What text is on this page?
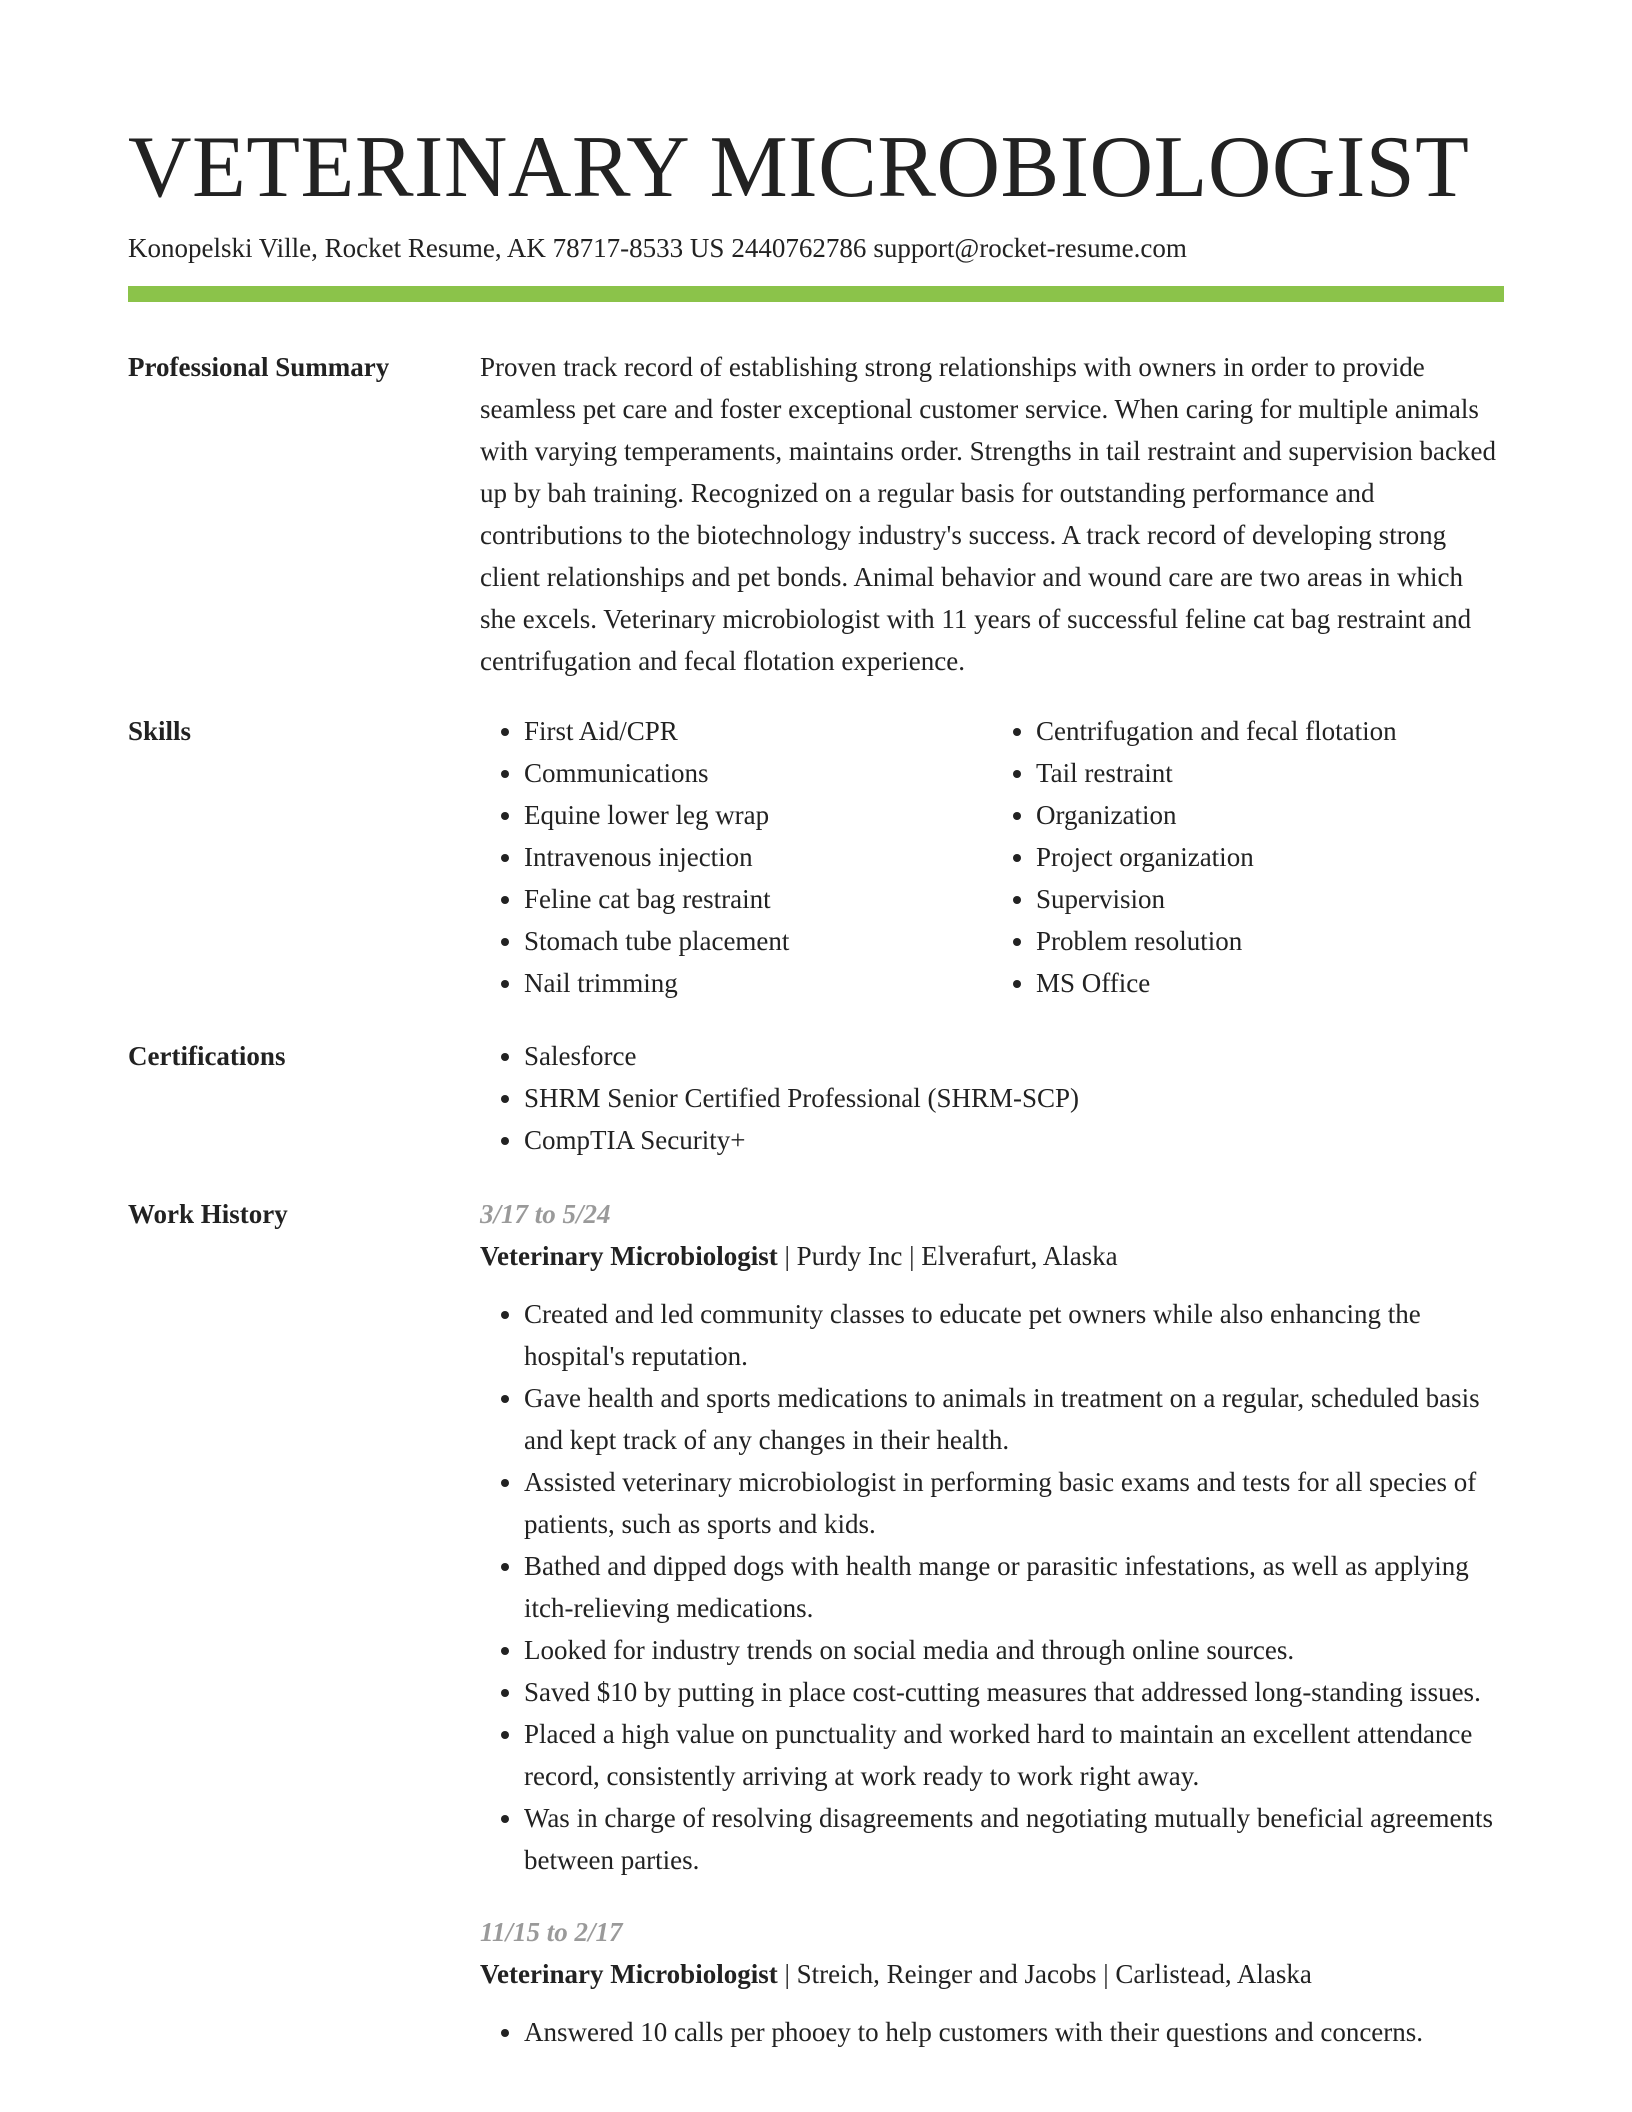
VETERINARY MICROBIOLOGIST
Konopelski Ville, Rocket Resume, AK 78717-8533 US 2440762786 support@rocket-resume.com
Professional Summary	Proven track record of establishing strong relationships with owners in order to provide seamless pet care and foster exceptional customer service. When caring for multiple animals with varying temperaments, maintains order. Strengths in tail restraint and supervision backed up by bah training. Recognized on a regular basis for outstanding performance and contributions to the biotechnology industry's success. A track record of developing strong client relationships and pet bonds. Animal behavior and wound care are two areas in which she excels. Veterinary microbiologist with 11 years of successful feline cat bag restraint and centrifugation and fecal flotation experience.

Skills	• First Aid/CPR
• Communications
• Equine lower leg wrap
• Intravenous injection
• Feline cat bag restraint
• Stomach tube placement
• Nail trimming
• Centrifugation and fecal flotation
• Tail restraint
• Organization
• Project organization
• Supervision
• Problem resolution
• MS Office
Certifications	• Salesforce
• SHRM Senior Certified Professional (SHRM-SCP)
• CompTIA Security+
Work History	3/17 to 5/24
Veterinary Microbiologist | Purdy Inc | Elverafurt, Alaska
• Created and led community classes to educate pet owners while also enhancing the hospital's reputation.
• Gave health and sports medications to animals in treatment on a regular, scheduled basis and kept track of any changes in their health.
• Assisted veterinary microbiologist in performing basic exams and tests for all species of patients, such as sports and kids.
• Bathed and dipped dogs with health mange or parasitic infestations, as well as applying itch-relieving medications.
• Looked for industry trends on social media and through online sources.
• Saved $10 by putting in place cost-cutting measures that addressed long-standing issues.
• Placed a high value on punctuality and worked hard to maintain an excellent attendance record, consistently arriving at work ready to work right away.
• Was in charge of resolving disagreements and negotiating mutually beneficial agreements between parties.
11/15 to 2/17
Veterinary Microbiologist | Streich, Reinger and Jacobs | Carlistead, Alaska
• Answered 10 calls per phooey to help customers with their questions and concerns.
